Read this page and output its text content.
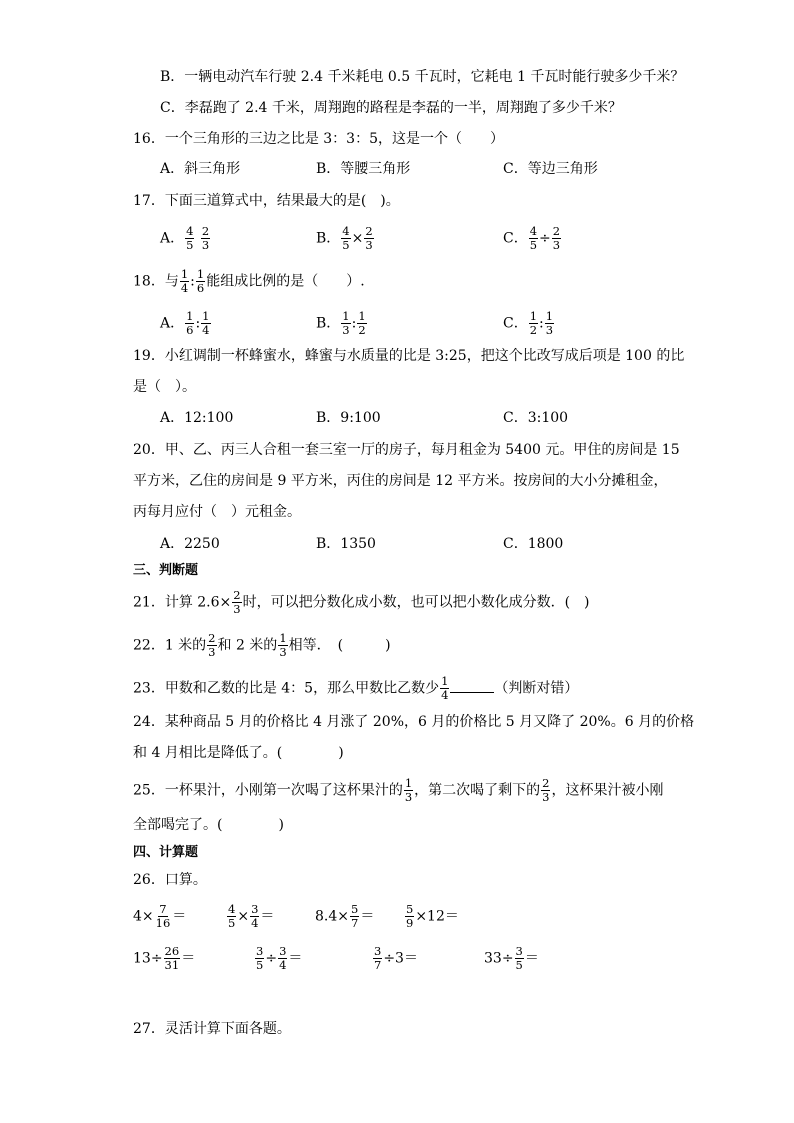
B．一辆电动汽车行驶 2.4 千米耗电 0.5 千瓦时，它耗电 1 千瓦时能行驶多少千米？
C．李磊跑了 2.4 千米，周翔跑的路程是李磊的一半，周翔跑了多少千米？
16．一个三角形的三边之比是 3：3：5，这是一个（　　）
A．斜三角形	B．等腰三角形	C．等边三角形
17．下面三道算式中，结果最大的是(　)。
A． $\frac{4}{5}$
$\frac{2}{3}$	B． $\frac{4}{5} \times \frac{2}{3}$	C． $\frac{4}{5} \div \frac{2}{3}$
18．与 $\frac{1}{4}$ : $\frac{1}{6}$ 能组成比例的是（　　）.
A． $\frac{1}{6}$ : $\frac{1}{4}$	B． $\frac{1}{3}$ : $\frac{1}{2}$	C． $\frac{1}{2}$ : $\frac{1}{3}$
19．小红调制一杯蜂蜜水，蜂蜜与水质量的比是 3:25，把这个比改写成后项是 100 的比
是（　）。
A．12:100	B．9:100	C．3:100
20．甲、乙、丙三人合租一套三室一厅的房子，每月租金为 5400 元。甲住的房间是 15
平方米，乙住的房间是 9 平方米，丙住的房间是 12 平方米。按房间的大小分摊租金，
丙每月应付（　）元租金。
A．2250	B．1350	C．1800
三、判断题
21．计算 $2.6\times \frac{2}{3}$ 时，可以把分数化成小数，也可以把小数化成分数．(　)
22．1 米的 $\frac{2}{3}$ 和 2 米的 $\frac{1}{3}$ 相等．　(　　　)
23．甲数和乙数的比是 4：5，那么甲数比乙数少 $\frac{1}{4}$	（判断对错）
24．某种商品 5 月的价格比 4 月涨了 20%，6 月的价格比 5 月又降了 20%。6 月的价格
和 4 月相比是降低了。(　　　　)
25．一杯果汁，小刚第一次喝了这杯果汁的 $\frac{1}{3}$ ，第二次喝了剩下的 $\frac{2}{3}$ ，这杯果汁被小刚
全部喝完了。(　　　　)
四、计算题
26．口算。
$4\times \frac{7}{16}$ ＝	$\frac{4}{5} \times \frac{3}{4}$ ＝	$8.4\times \frac{5}{7}$ ＝	$\frac{5}{9} \times 12=$
$13\div \frac{26}{31}$ ＝	$\frac{3}{5} \div \frac{3}{4}$ ＝	$\frac{3}{7} \div 3=$	$33\div \frac{3}{5}$ ＝
27．灵活计算下面各题。
